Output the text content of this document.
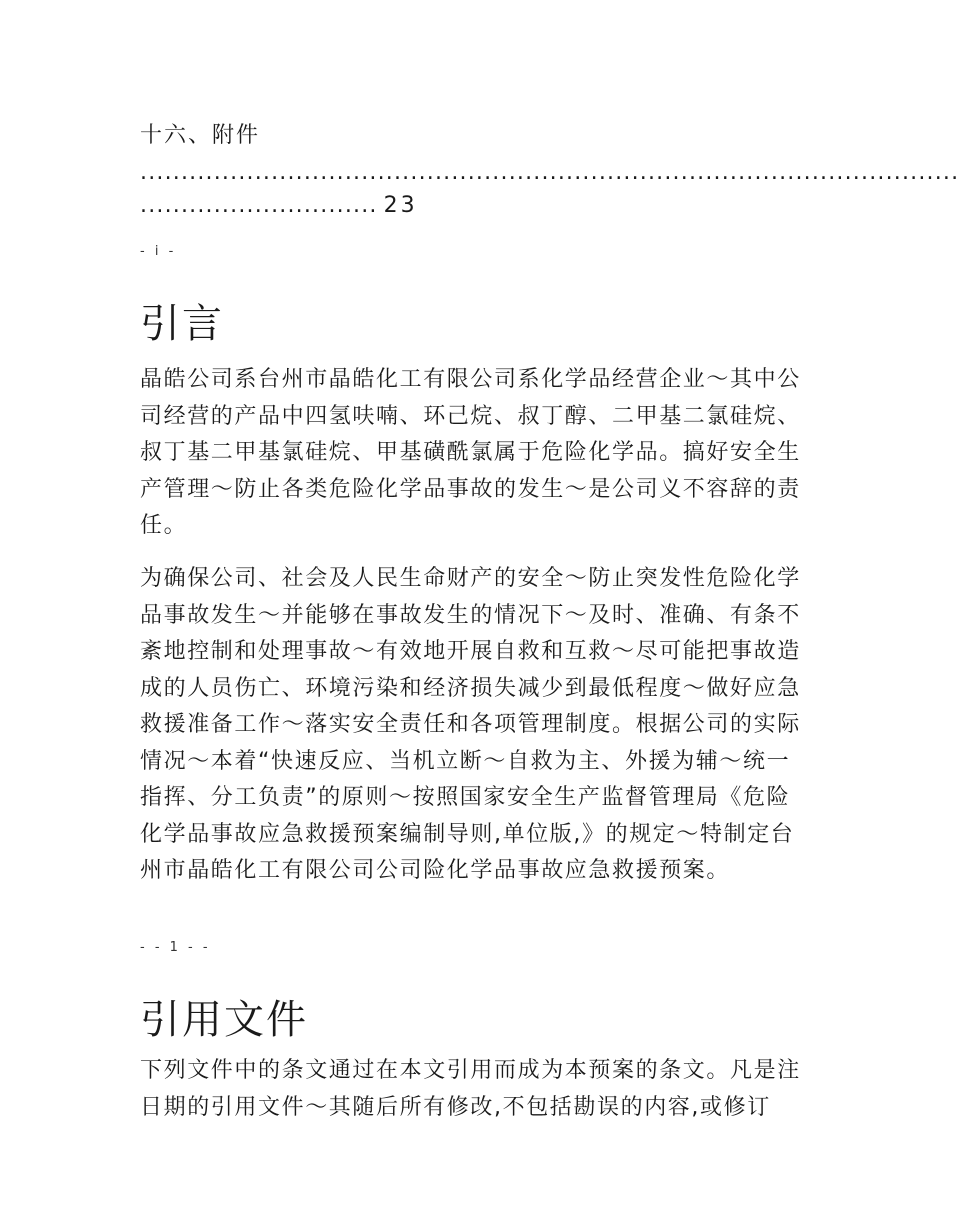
十六、附件
....................................................................................................
............................. 23
- i -
引言

晶皓公司系台州市晶皓化工有限公司系化学品经营企业～其中公司经营的产品中四氢呋喃、环己烷、叔丁醇、二甲基二氯硅烷、叔丁基二甲基氯硅烷、甲基磺酰氯属于危险化学品。搞好安全生产管理～防止各类危险化学品事故的发生～是公司义不容辞的责任。

为确保公司、社会及人民生命财产的安全～防止突发性危险化学品事故发生～并能够在事故发生的情况下～及时、准确、有条不紊地控制和处理事故～有效地开展自救和互救～尽可能把事故造成的人员伤亡、环境污染和经济损失减少到最低程度～做好应急救援准备工作～落实安全责任和各项管理制度。根据公司的实际情况～本着“快速反应、当机立断～自救为主、外援为辅～统一指挥、分工负责”的原则～按照国家安全生产监督管理局《危险化学品事故应急救援预案编制导则,单位版,》的规定～特制定台州市晶皓化工有限公司公司险化学品事故应急救援预案。

- - 1 - -
引用文件

下列文件中的条文通过在本文引用而成为本预案的条文。凡是注日期的引用文件～其随后所有修改,不包括勘误的内容,或修订
